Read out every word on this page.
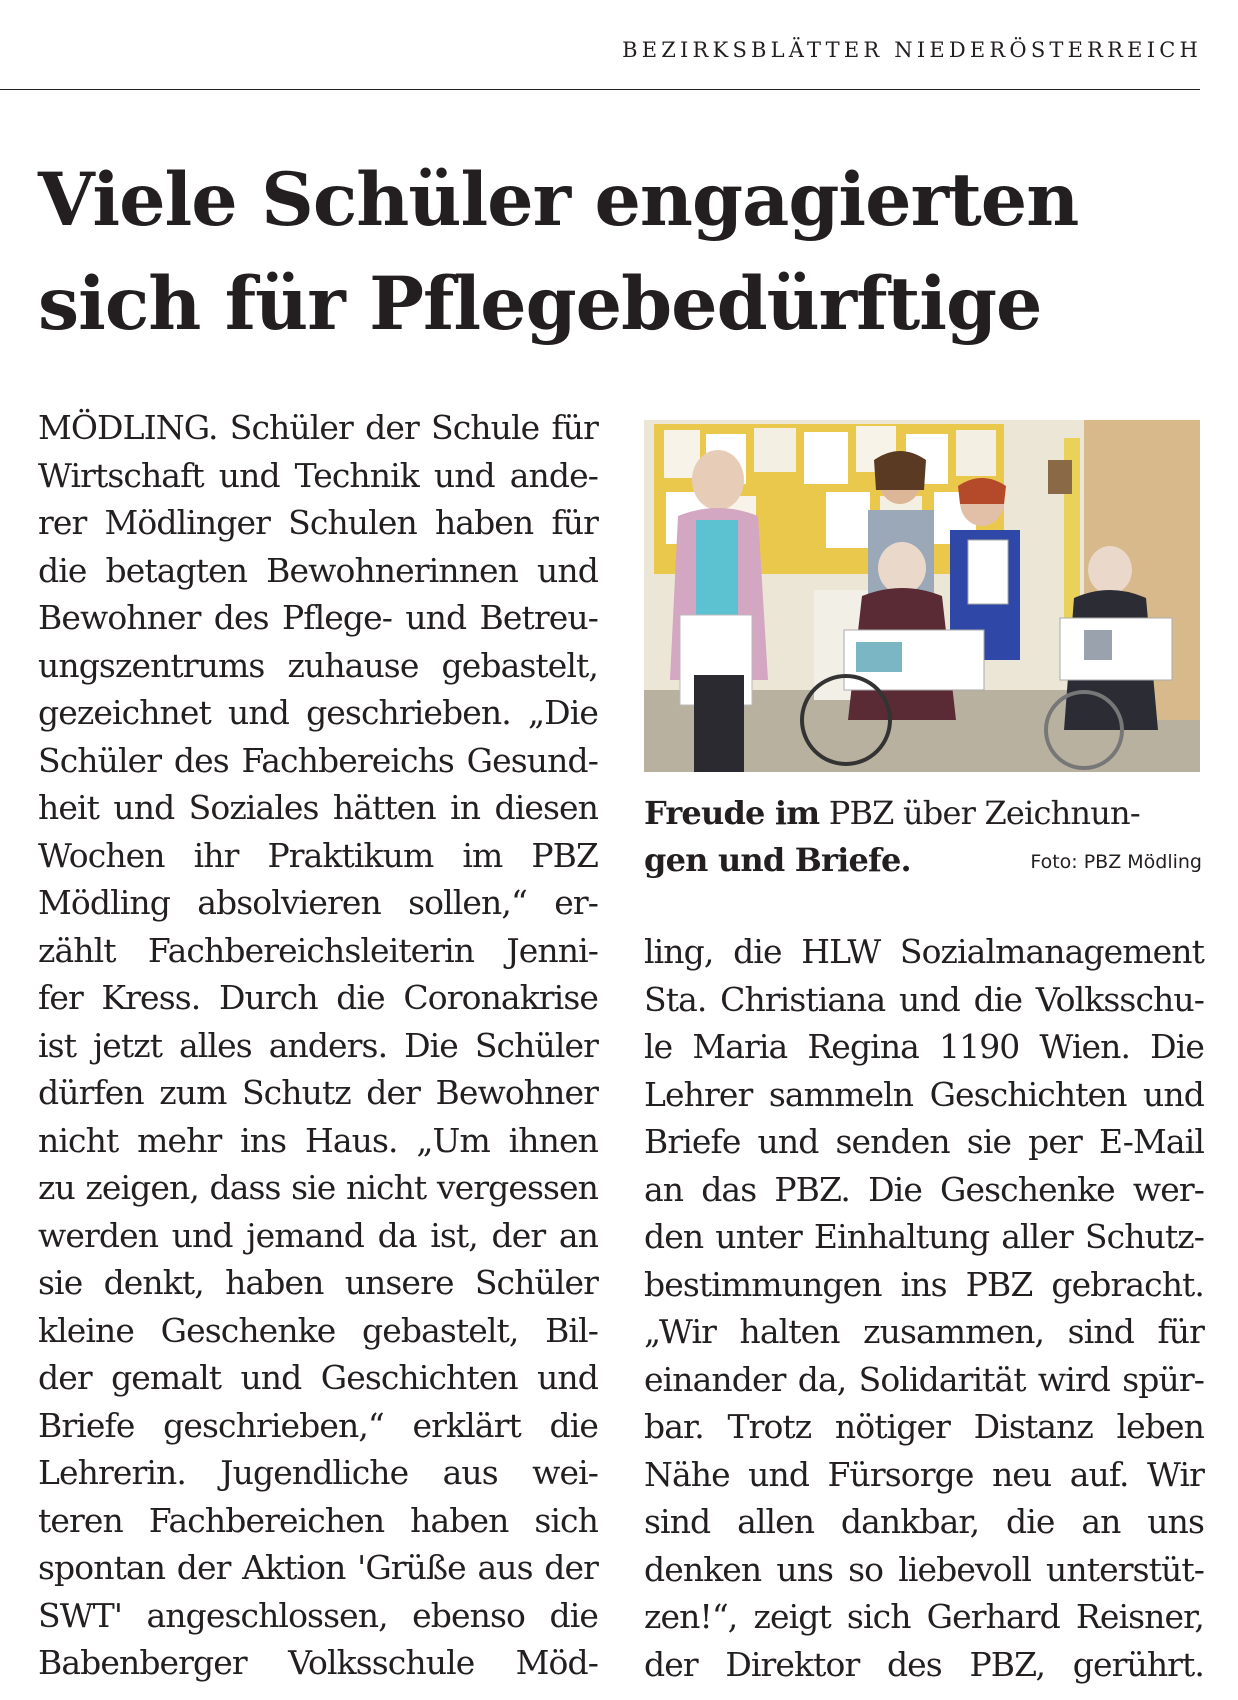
BEZIRKSBLÄTTER NIEDERÖSTERREICH
Viele Schüler engagierten
sich für Pflegebedürftige
MÖDLING. Schüler der Schule für
Wirtschaft und Technik und ande-
rer Mödlinger Schulen haben für
die betagten Bewohnerinnen und
Bewohner des Pflege- und Betreu-
ungszentrums zuhause gebastelt,
gezeichnet und geschrieben. „Die
Schüler des Fachbereichs Gesund-
heit und Soziales hätten in diesen
Wochen ihr Praktikum im PBZ
Mödling absolvieren sollen,“ er-
zählt Fachbereichsleiterin Jenni-
fer Kress. Durch die Coronakrise
ist jetzt alles anders. Die Schüler
dürfen zum Schutz der Bewohner
nicht mehr ins Haus. „Um ihnen
zu zeigen, dass sie nicht vergessen
werden und jemand da ist, der an
sie denkt, haben unsere Schüler
kleine Geschenke gebastelt, Bil-
der gemalt und Geschichten und
Briefe geschrieben,“ erklärt die
Lehrerin. Jugendliche aus wei-
teren Fachbereichen haben sich
spontan der Aktion 'Grüße aus der
SWT' angeschlossen, ebenso die
Babenberger Volksschule Möd-
Freude im PBZ über Zeichnun-
gen und Briefe.	Foto: PBZ Mödling
ling, die HLW Sozialmanagement
Sta. Christiana und die Volksschu-
le Maria Regina 1190 Wien. Die
Lehrer sammeln Geschichten und
Briefe und senden sie per E-Mail
an das PBZ. Die Geschenke wer-
den unter Einhaltung aller Schutz-
bestimmungen ins PBZ gebracht.
„Wir halten zusammen, sind für
einander da, Solidarität wird spür-
bar. Trotz nötiger Distanz leben
Nähe und Fürsorge neu auf. Wir
sind allen dankbar, die an uns
denken uns so liebevoll unterstüt-
zen!“, zeigt sich Gerhard Reisner,
der Direktor des PBZ, gerührt.
